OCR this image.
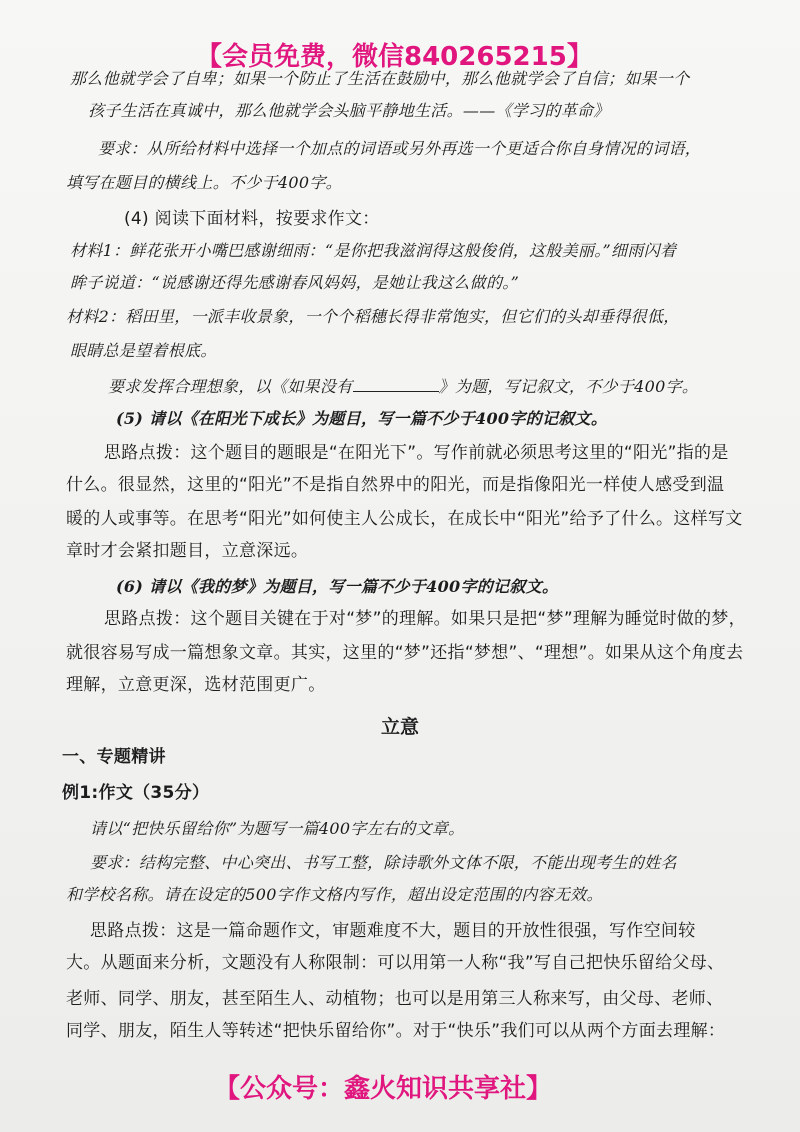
【会员免费，微信840265215】
那么他就学会了自卑；如果一个防止了生活在鼓励中，那么他就学会了自信；如果一个
孩子生活在真诚中，那么他就学会头脑平静地生活。——《学习的革命》
要求：从所给材料中选择一个加点的词语或另外再选一个更适合你自身情况的词语，
填写在题目的横线上。不少于400字。
(4) 阅读下面材料，按要求作文：
材料1：鲜花张开小嘴巴感谢细雨：“是你把我滋润得这般俊俏，这般美丽。”细雨闪着
眸子说道：“说感谢还得先感谢春风妈妈，是她让我这么做的。”
材料2：稻田里，一派丰收景象，一个个稻穗长得非常饱实，但它们的头却垂得很低，
眼睛总是望着根底。
要求发挥合理想象，以《如果没有	》为题，写记叙文，不少于400字。
(5) 请以《在阳光下成长》为题目，写一篇不少于400字的记叙文。
思路点拨：这个题目的题眼是“在阳光下”。写作前就必须思考这里的“阳光”指的是
什么。很显然，这里的“阳光”不是指自然界中的阳光，而是指像阳光一样使人感受到温
暖的人或事等。在思考“阳光”如何使主人公成长，在成长中“阳光”给予了什么。这样写文
章时才会紧扣题目，立意深远。
(6) 请以《我的梦》为题目，写一篇不少于400字的记叙文。
思路点拨：这个题目关键在于对“梦”的理解。如果只是把“梦”理解为睡觉时做的梦，
就很容易写成一篇想象文章。其实，这里的“梦”还指“梦想”、“理想”。如果从这个角度去
理解，立意更深，选材范围更广。
立意
一、专题精讲
例1:作文（35分）
请以“把快乐留给你”为题写一篇400字左右的文章。
要求：结构完整、中心突出、书写工整，除诗歌外文体不限，不能出现考生的姓名
和学校名称。请在设定的500字作文格内写作，超出设定范围的内容无效。
思路点拨：这是一篇命题作文，审题难度不大，题目的开放性很强，写作空间较
大。从题面来分析，文题没有人称限制：可以用第一人称“我”写自己把快乐留给父母、
老师、同学、朋友，甚至陌生人、动植物；也可以是用第三人称来写，由父母、老师、
同学、朋友，陌生人等转述“把快乐留给你”。对于“快乐”我们可以从两个方面去理解：
【公众号：鑫火知识共享社】
